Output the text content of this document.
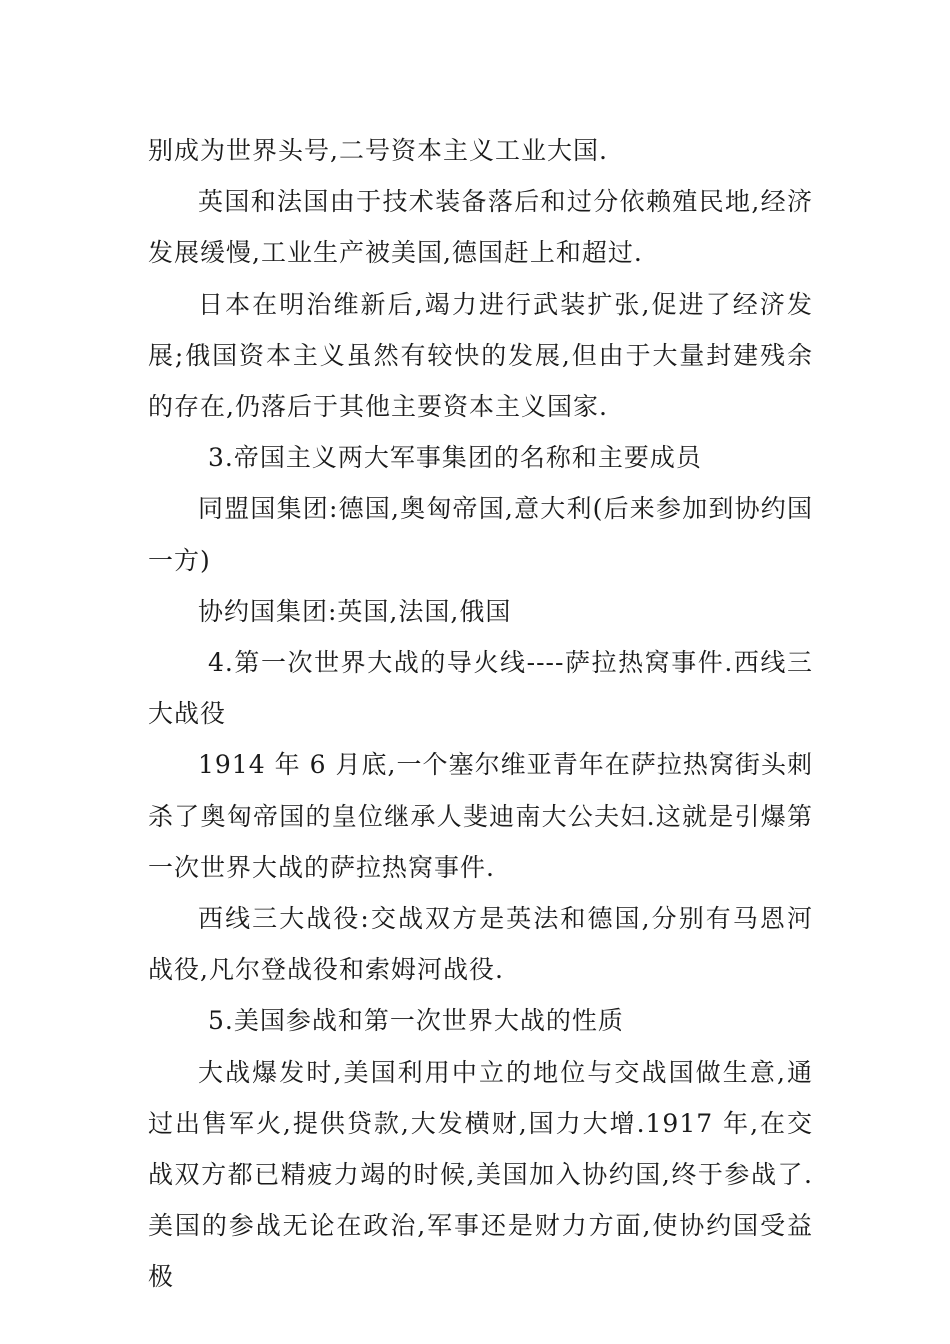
别成为世界头号,二号资本主义工业大国.

英国和法国由于技术装备落后和过分依赖殖民地,经济发展缓慢,工业生产被美国,德国赶上和超过.

日本在明治维新后,竭力进行武装扩张,促进了经济发展;俄国资本主义虽然有较快的发展,但由于大量封建残余的存在,仍落后于其他主要资本主义国家.

3.帝国主义两大军事集团的名称和主要成员

同盟国集团:德国,奥匈帝国,意大利(后来参加到协约国一方)

协约国集团:英国,法国,俄国

4.第一次世界大战的导火线----萨拉热窝事件.西线三大战役

1914 年 6 月底,一个塞尔维亚青年在萨拉热窝街头刺杀了奥匈帝国的皇位继承人斐迪南大公夫妇.这就是引爆第一次世界大战的萨拉热窝事件.

西线三大战役:交战双方是英法和德国,分别有马恩河战役,凡尔登战役和索姆河战役.

5.美国参战和第一次世界大战的性质

大战爆发时,美国利用中立的地位与交战国做生意,通过出售军火,提供贷款,大发横财,国力大增.1917 年,在交战双方都已精疲力竭的时候,美国加入协约国,终于参战了.美国的参战无论在政治,军事还是财力方面,使协约国受益极
